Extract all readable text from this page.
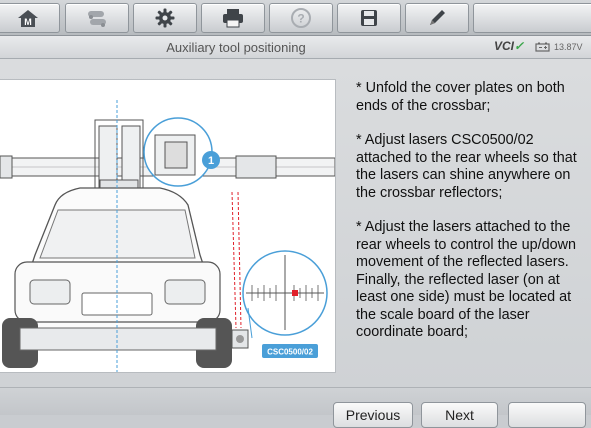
M	?
Auxiliary tool positioning	VCI✓	13.87V
1
CSC0500/02

* Unfold the cover plates on both ends of the crossbar;

* Adjust lasers CSC0500/02 attached to the rear wheels so that the lasers can shine anywhere on the crossbar reflectors;

* Adjust the lasers attached to the rear wheels to control the up/down movement of the reflected lasers. Finally, the reflected laser (on at least one side) must be located at the scale board of the laser coordinate board;

Previous	Next
